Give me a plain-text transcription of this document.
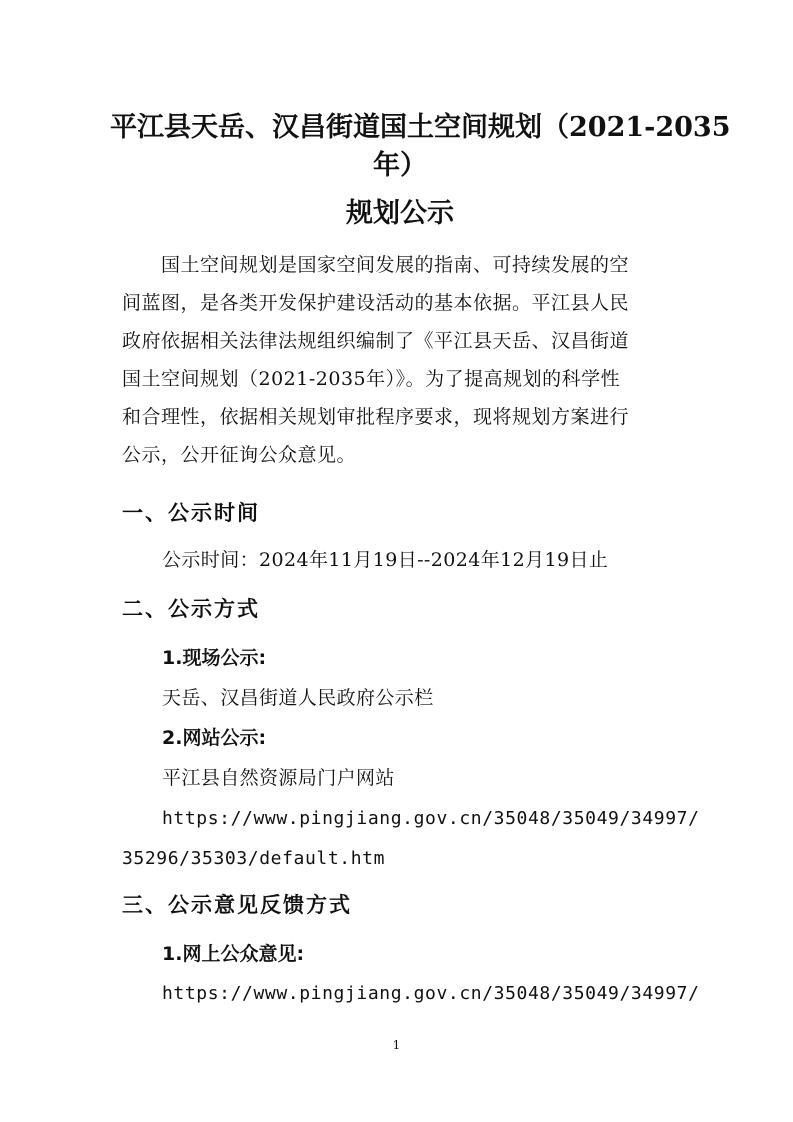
平江县天岳、汉昌街道国土空间规划（2021-2035
年）
规划公示
　　国土空间规划是国家空间发展的指南、可持续发展的空
间蓝图，是各类开发保护建设活动的基本依据。平江县人民
政府依据相关法律法规组织编制了《平江县天岳、汉昌街道
国土空间规划（2021-2035年）》。为了提高规划的科学性
和合理性，依据相关规划审批程序要求，现将规划方案进行
公示，公开征询公众意见。
一、公示时间
公示时间：2024年11月19日--2024年12月19日止
二、公示方式
1.现场公示:
天岳、汉昌街道人民政府公示栏
2.网站公示:
平江县自然资源局门户网站
https://www.pingjiang.gov.cn/35048/35049/34997/
35296/35303/default.htm
三、公示意见反馈方式
1.网上公众意见:
https://www.pingjiang.gov.cn/35048/35049/34997/
1
